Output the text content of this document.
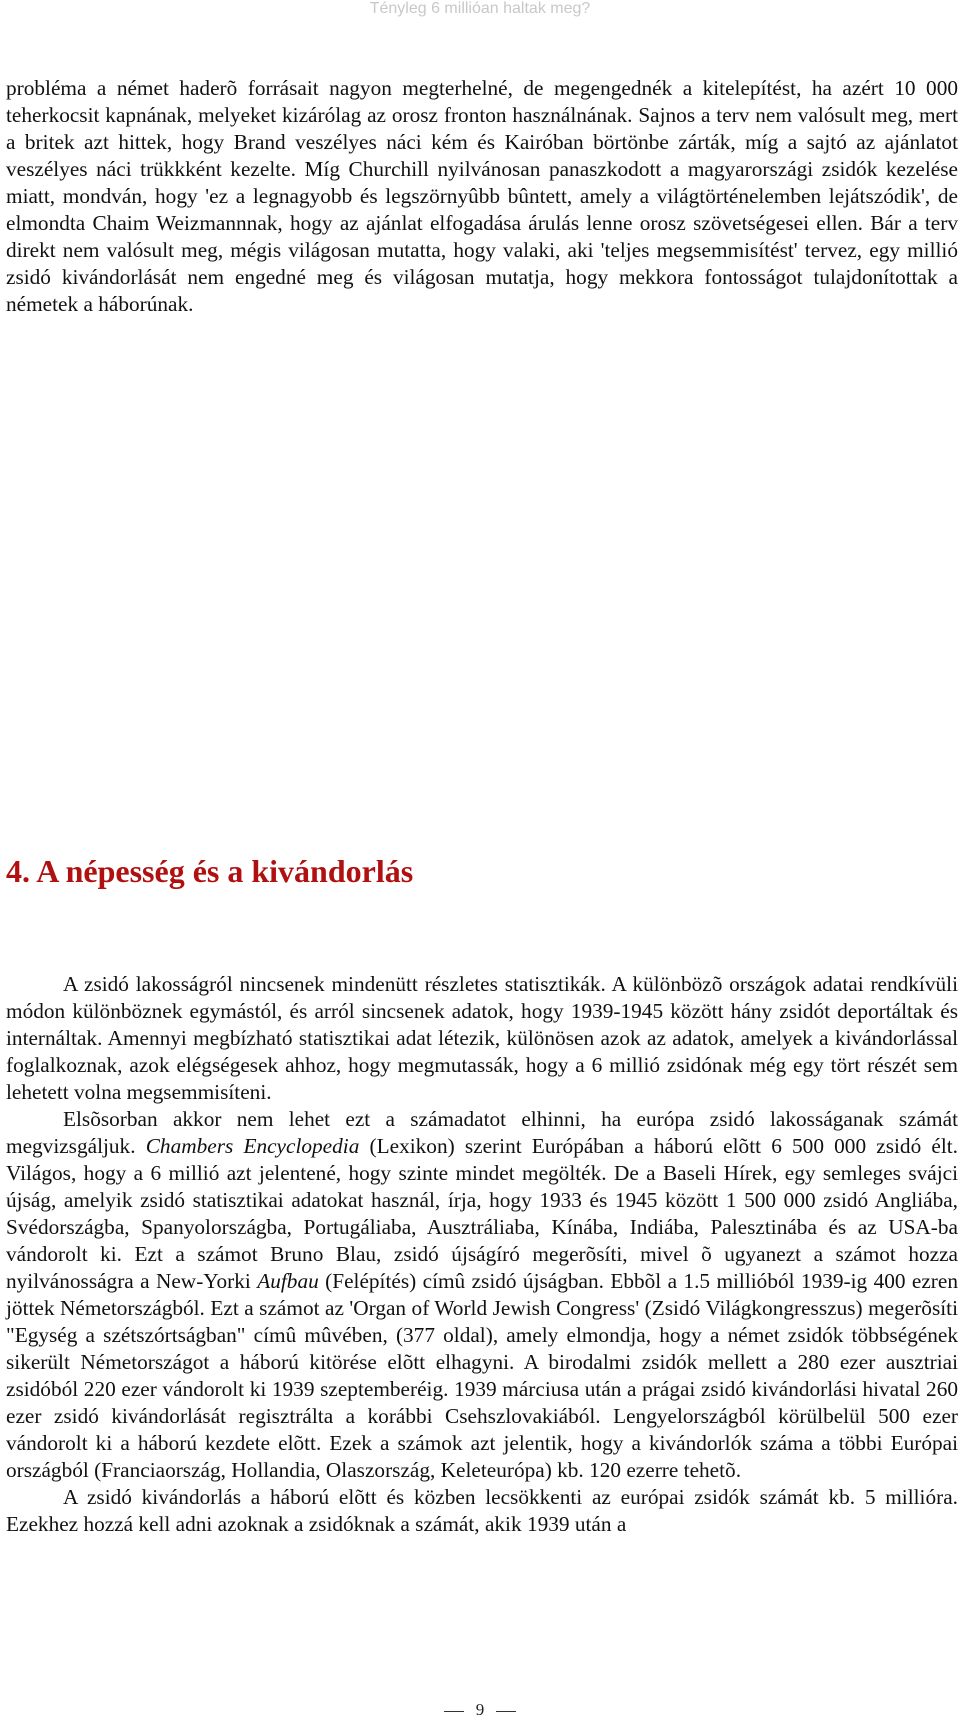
Tényleg 6 millióan haltak meg?

probléma a német haderõ forrásait nagyon megterhelné, de megengednék a kitelepítést, ha azért 10 000 teherkocsit kapnának, melyeket kizárólag az orosz fronton használnának. Sajnos a terv nem valósult meg, mert a britek azt hittek, hogy Brand veszélyes náci kém és Kairóban börtönbe zárták, míg a sajtó az ajánlatot veszélyes náci trükkként kezelte. Míg Churchill nyilvánosan panaszkodott a magyarországi zsidók kezelése miatt, mondván, hogy 'ez a legnagyobb és legszörnyûbb bûntett, amely a világtörténelemben lejátszódik', de elmondta Chaim Weizmannnak, hogy az ajánlat elfogadása árulás lenne orosz szövetségesei ellen. Bár a terv direkt nem valósult meg, mégis világosan mutatta, hogy valaki, aki 'teljes megsemmisítést' tervez, egy millió zsidó kivándorlását nem engedné meg és világosan mutatja, hogy mekkora fontosságot tulajdonítottak a németek a háborúnak.

4. A népesség és a kivándorlás

A zsidó lakosságról nincsenek mindenütt részletes statisztikák. A különbözõ országok adatai rendkívüli módon különböznek egymástól, és arról sincsenek adatok, hogy 1939-1945 között hány zsidót deportáltak és internáltak. Amennyi megbízható statisztikai adat létezik, különösen azok az adatok, amelyek a kivándorlással foglalkoznak, azok elégségesek ahhoz, hogy megmutassák, hogy a 6 millió zsidónak még egy tört részét sem lehetett volna megsemmisíteni.

Elsõsorban akkor nem lehet ezt a számadatot elhinni, ha európa zsidó lakosságanak számát megvizsgáljuk. Chambers Encyclopedia (Lexikon) szerint Európában a háború elõtt 6 500 000 zsidó élt. Világos, hogy a 6 millió azt jelentené, hogy szinte mindet megölték. De a Baseli Hírek, egy semleges svájci újság, amelyik zsidó statisztikai adatokat használ, írja, hogy 1933 és 1945 között 1 500 000 zsidó Angliába, Svédországba, Spanyolországba, Portugáliaba, Ausztráliaba, Kínába, Indiába, Palesztinába és az USA-ba vándorolt ki. Ezt a számot Bruno Blau, zsidó újságíró megerõsíti, mivel õ ugyanezt a számot hozza nyilvánosságra a New-Yorki Aufbau (Felépítés) címû zsidó újságban. Ebbõl a 1.5 millióból 1939-ig 400 ezren jöttek Németországból. Ezt a számot az 'Organ of World Jewish Congress' (Zsidó Világkongresszus) megerõsíti "Egység a szétszórtságban" címû mûvében, (377 oldal), amely elmondja, hogy a német zsidók többségének sikerült Németországot a háború kitörése elõtt elhagyni. A birodalmi zsidók mellett a 280 ezer ausztriai zsidóból 220 ezer vándorolt ki 1939 szeptemberéig. 1939 márciusa után a prágai zsidó kivándorlási hivatal 260 ezer zsidó kivándorlását regisztrálta a korábbi Csehszlovakiából. Lengyelországból körülbelül 500 ezer vándorolt ki a háború kezdete elõtt. Ezek a számok azt jelentik, hogy a kivándorlók száma a többi Európai országból (Franciaország, Hollandia, Olaszország, Keleteurópa) kb. 120 ezerre tehetõ.

A zsidó kivándorlás a háború elõtt és közben lecsökkenti az európai zsidók számát kb. 5 millióra. Ezekhez hozzá kell adni azoknak a zsidóknak a számát, akik 1939 után a

9
